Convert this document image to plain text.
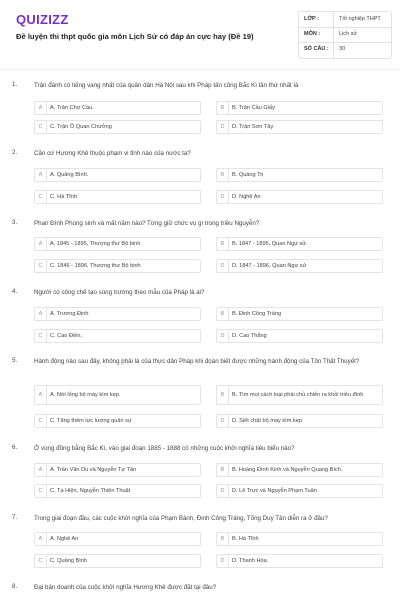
QUIZIZZ
Đề luyện thi thpt quốc gia môn Lịch Sử có đáp án cực hay (Đề 19)
LỚP :	Tốt nghiệp THPT
MÔN :	Lịch sử
SỐ CÂU : 30
1.	Trận đánh có tiếng vang nhất của quân dân Hà Nội sau khi Pháp tấn công Bắc Kì lần thứ nhất là
A	A. Trận Chợ Cầu.	B	B. Trận Cầu Giấy
C	C. Trận Ô Quan Chưởng	D	D. Trận Sơn Tây.
2.	Căn cứ Hương Khê thuộc phạm vi tỉnh nào của nước ta?
A	A. Quảng Bình.	B	B. Quảng Trị
C	C. Hà Tĩnh	D	D. Nghệ An
3.	Phan Đình Phùng sinh và mất năm nào? Từng giữ chức vụ gì trong triều Nguyễn?
A	A. 1845 - 1895, Thượng thư Bộ binh	B	B. 1847 - 1895, Quan Ngự sử.
C	C. 1846 - 1896, Thượng thư Bộ binh	D	D. 1847 - 1896, Quan Ngự sử
4.	Người có công chế tạo súng trường theo mẫu của Pháp là ai?
A	A. Trương Định	B	B. Đinh Công Tráng
C	C. Cao Điền.	D	D. Cao Thắng
5.	Hành động nào sau đây, không phải là của thực dân Pháp khi đoán biết được những hành động của Tôn Thất Thuyết?
A	A. Nới lỏng bộ máy kìm kẹp.	B	B. Tìm mọi cách loại phái chủ chiến ra khỏi triều đình
C	C. Tăng thêm lực lượng quân sự	D	D. Siết chặt bộ máy kìm kẹp
6.	Ở vùng đồng bằng Bắc Kì, vào giai đoạn 1885 - 1888 có những cuộc khởi nghĩa tiêu biểu nào?
A	A. Trần Văn Dụ và Nguyễn Tự Tân	B	B. Hoàng Đình Kinh và Nguyễn Quang Bích.
C	C. Tạ Hiện, Nguyễn Thiện Thuật	D	D. Lê Trực và Nguyễn Phạm Tuân
7.	Trong giai đoạn đầu, các cuộc khởi nghĩa của Phạm Bành, Đinh Công Tráng, Tống Duy Tân diễn ra ở đâu?
A	A. Nghệ An	B	B. Hà Tĩnh
C	C. Quảng Bình	D	D. Thanh Hóa.
8.	Đại bản doanh của cuộc khởi nghĩa Hương Khê được đặt tại đâu?
